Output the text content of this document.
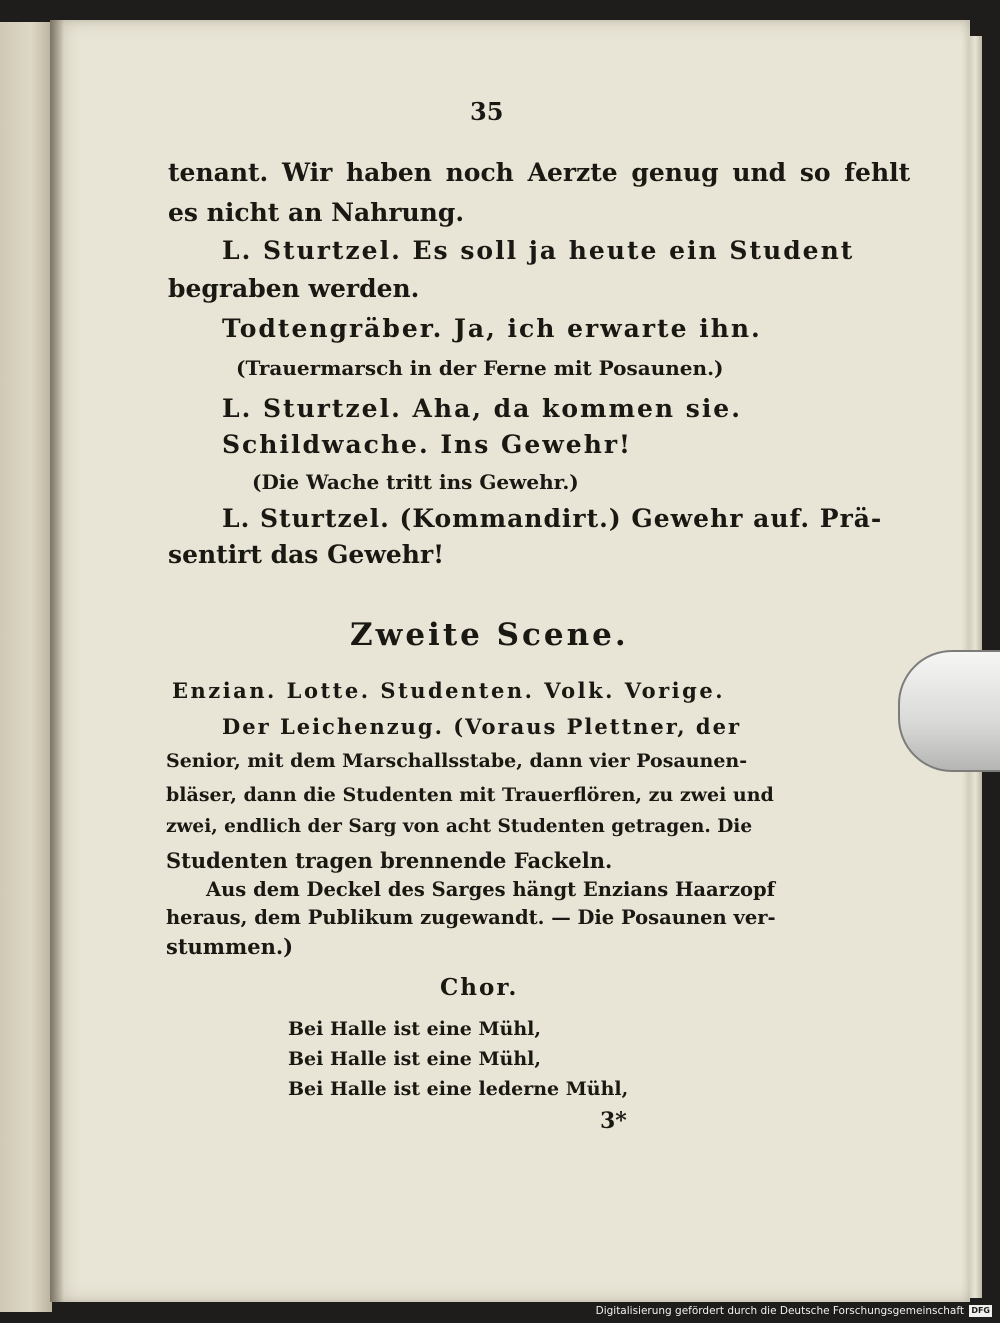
35
tenant. Wir haben noch Aerzte genug und so fehlt
es nicht an Nahrung.
L. Sturtzel. Es soll ja heute ein Student
begraben werden.
Todtengräber. Ja, ich erwarte ihn.
(Trauermarsch in der Ferne mit Posaunen.)
L. Sturtzel. Aha, da kommen sie.
Schildwache. Ins Gewehr!
(Die Wache tritt ins Gewehr.)
L. Sturtzel. (Kommandirt.) Gewehr auf. Prä-
sentirt das Gewehr!
Zweite Scene.
Enzian. Lotte. Studenten. Volk. Vorige.
Der Leichenzug. (Voraus Plettner, der
Senior, mit dem Marschallsstabe, dann vier Posaunen-
bläser, dann die Studenten mit Trauerflören, zu zwei und
zwei, endlich der Sarg von acht Studenten getragen. Die
Studenten tragen brennende Fackeln.
Aus dem Deckel des Sarges hängt Enzians Haarzopf
heraus, dem Publikum zugewandt. — Die Posaunen ver-
stummen.)
Chor.
Bei Halle ist eine Mühl,
Bei Halle ist eine Mühl,
Bei Halle ist eine lederne Mühl,
3*
Digitalisierung gefördert durch die Deutsche Forschungsgemeinschaft DFG
